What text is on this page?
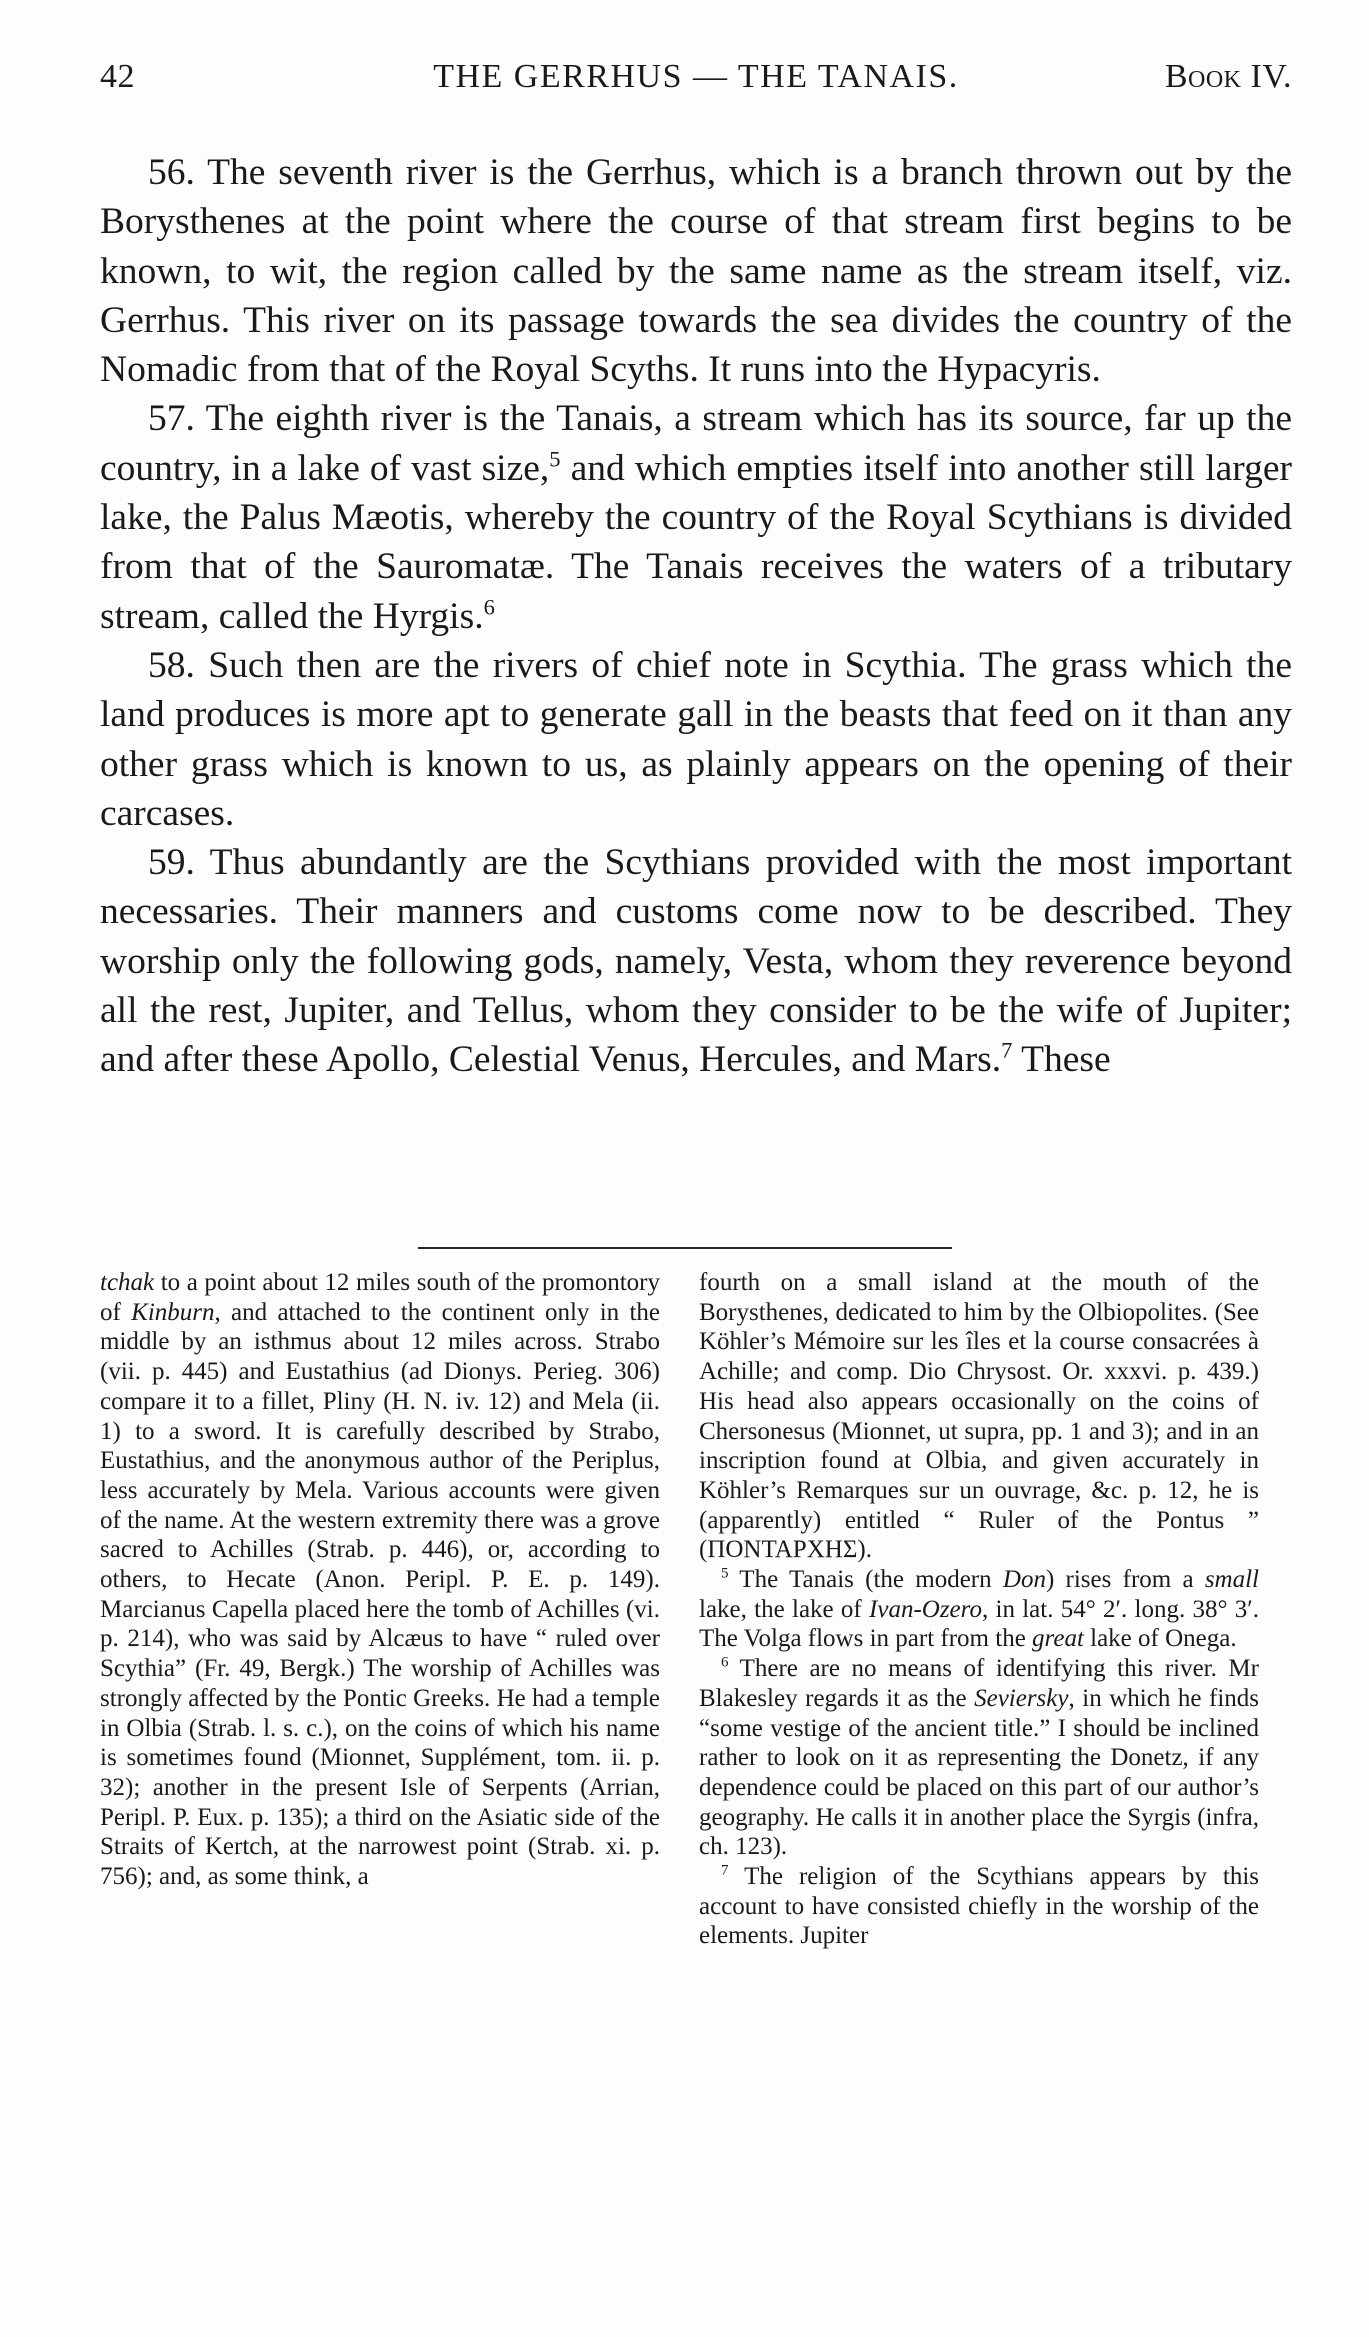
42	THE GERRHUS — THE TANAIS.	Book IV.

56. The seventh river is the Gerrhus, which is a branch thrown out by the Borysthenes at the point where the course of that stream first begins to be known, to wit, the region called by the same name as the stream itself, viz. Gerrhus. This river on its passage towards the sea divides the country of the Nomadic from that of the Royal Scyths. It runs into the Hypacyris.

57. The eighth river is the Tanais, a stream which has its source, far up the country, in a lake of vast size,$^5$ and which empties itself into another still larger lake, the Palus Mæotis, whereby the country of the Royal Scythians is divided from that of the Sauromatæ. The Tanais receives the waters of a tributary stream, called the Hyrgis.$^6$

58. Such then are the rivers of chief note in Scythia. The grass which the land produces is more apt to generate gall in the beasts that feed on it than any other grass which is known to us, as plainly appears on the opening of their carcases.

59. Thus abundantly are the Scythians provided with the most important necessaries. Their manners and customs come now to be described. They worship only the following gods, namely, Vesta, whom they reverence beyond all the rest, Jupiter, and Tellus, whom they consider to be the wife of Jupiter; and after these Apollo, Celestial Venus, Hercules, and Mars.$^7$ These

tchak to a point about 12 miles south of the promontory of Kinburn, and attached to the continent only in the middle by an isthmus about 12 miles across. Strabo (vii. p. 445) and Eustathius (ad Dionys. Perieg. 306) compare it to a fillet, Pliny (H. N. iv. 12) and Mela (ii. 1) to a sword. It is carefully described by Strabo, Eustathius, and the anonymous author of the Periplus, less accurately by Mela. Various accounts were given of the name. At the western extremity there was a grove sacred to Achilles (Strab. p. 446), or, according to others, to Hecate (Anon. Peripl. P. E. p. 149). Marcianus Capella placed here the tomb of Achilles (vi. p. 214), who was said by Alcæus to have “ ruled over Scythia” (Fr. 49, Bergk.) The worship of Achilles was strongly affected by the Pontic Greeks. He had a temple in Olbia (Strab. l. s. c.), on the coins of which his name is sometimes found (Mionnet, Supplément, tom. ii. p. 32); another in the present Isle of Serpents (Arrian, Peripl. P. Eux. p. 135); a third on the Asiatic side of the Straits of Kertch, at the narrowest point (Strab. xi. p. 756); and, as some think, a

fourth on a small island at the mouth of the Borysthenes, dedicated to him by the Olbiopolites. (See Köhler’s Mémoire sur les îles et la course consacrées à Achille; and comp. Dio Chrysost. Or. xxxvi. p. 439.) His head also appears occasionally on the coins of Chersonesus (Mionnet, ut supra, pp. 1 and 3); and in an inscription found at Olbia, and given accurately in Köhler’s Remarques sur un ouvrage, &c. p. 12, he is (apparently) entitled “ Ruler of the Pontus ” (ΠΟΝΤΑΡΧΗΣ).

$^5$ The Tanais (the modern Don) rises from a small lake, the lake of Ivan-Ozero, in lat. 54° 2′. long. 38° 3′. The Volga flows in part from the great lake of Onega.

$^6$ There are no means of identifying this river. Mr Blakesley regards it as the Seviersky, in which he finds “some vestige of the ancient title.” I should be inclined rather to look on it as representing the Donetz, if any dependence could be placed on this part of our author’s geography. He calls it in another place the Syrgis (infra, ch. 123).

$^7$ The religion of the Scythians appears by this account to have consisted chiefly in the worship of the elements. Jupiter
